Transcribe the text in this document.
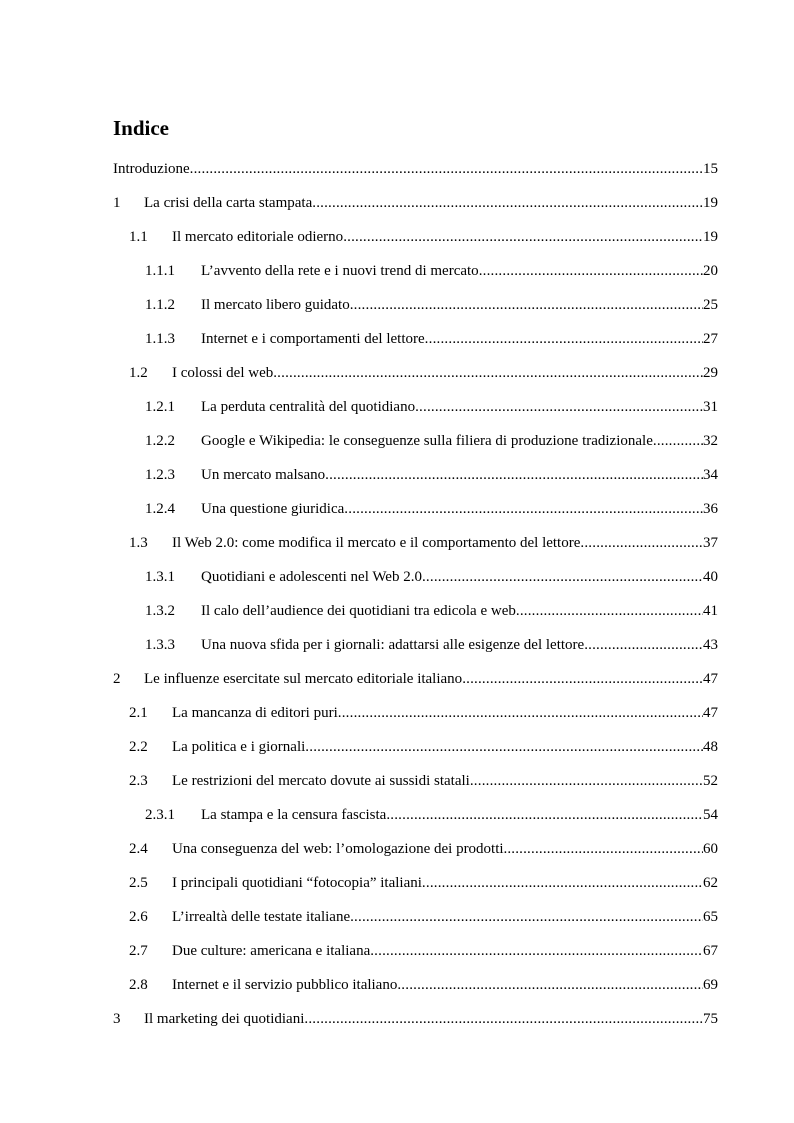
Indice
Introduzione .....	15
1	La crisi della carta stampata .....	19
1.1	Il mercato editoriale odierno .....	19
1.1.1	L’avvento della rete e i nuovi trend di mercato .....	20
1.1.2	Il mercato libero guidato .....	25
1.1.3	Internet e i comportamenti del lettore .....	27
1.2	I colossi del web .....	29
1.2.1	La perduta centralità del quotidiano .....	31
1.2.2	Google e Wikipedia: le conseguenze sulla filiera di produzione tradizionale .....	32
1.2.3	Un mercato malsano .....	34
1.2.4	Una questione giuridica .....	36
1.3	Il Web 2.0: come modifica il mercato e il comportamento del lettore .....	37
1.3.1	Quotidiani e adolescenti nel Web 2.0 .....	40
1.3.2	Il calo dell’audience dei quotidiani tra edicola e web .....	41
1.3.3	Una nuova sfida per i giornali: adattarsi alle esigenze del lettore .....	43
2	Le influenze esercitate sul mercato editoriale italiano .....	47
2.1	La mancanza di editori puri .....	47
2.2	La politica e i giornali .....	48
2.3	Le restrizioni del mercato dovute ai sussidi statali .....	52
2.3.1	La stampa e la censura fascista .....	54
2.4	Una conseguenza del web: l’omologazione dei prodotti. .....	60
2.5	I principali quotidiani “fotocopia” italiani .....	62
2.6	L’irrealtà delle testate italiane .....	65
2.7	Due culture: americana e italiana .....	67
2.8	Internet e il servizio pubblico italiano .....	69
3	Il marketing dei quotidiani .....	75
